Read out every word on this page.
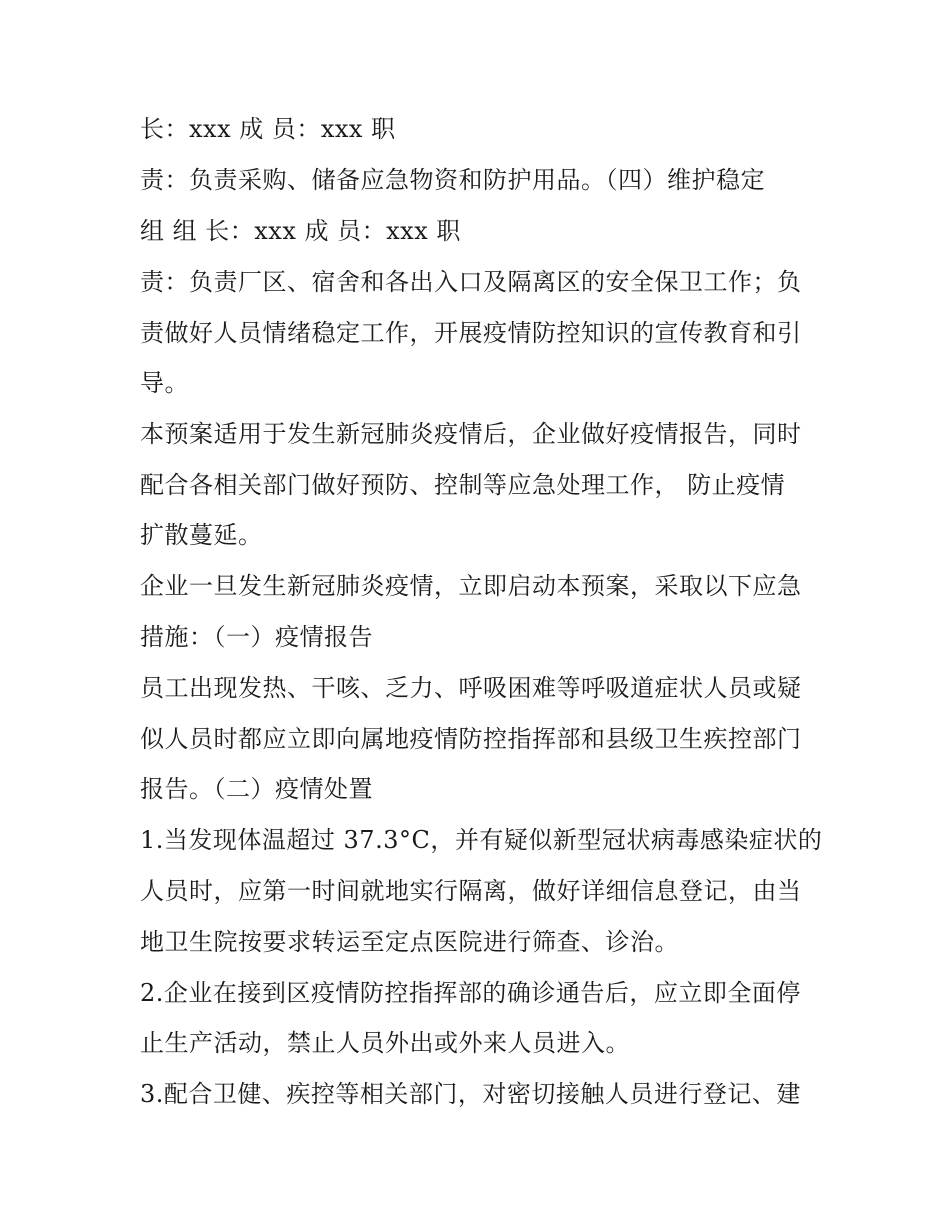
长：xxx 成 员：xxx 职
责：负责采购、储备应急物资和防护用品。（四）维护稳定
组 组 长：xxx 成 员：xxx 职
责：负责厂区、宿舍和各出入口及隔离区的安全保卫工作；负
责做好人员情绪稳定工作，开展疫情防控知识的宣传教育和引
导。
本预案适用于发生新冠肺炎疫情后，企业做好疫情报告，同时
配合各相关部门做好预防、控制等应急处理工作， 防止疫情
扩散蔓延。
企业一旦发生新冠肺炎疫情，立即启动本预案，采取以下应急
措施：（一）疫情报告
员工出现发热、干咳、乏力、呼吸困难等呼吸道症状人员或疑
似人员时都应立即向属地疫情防控指挥部和县级卫生疾控部门
报告。（二）疫情处置
1.当发现体温超过 37.3°C，并有疑似新型冠状病毒感染症状的
人员时，应第一时间就地实行隔离，做好详细信息登记，由当
地卫生院按要求转运至定点医院进行筛查、诊治。
2.企业在接到区疫情防控指挥部的确诊通告后，应立即全面停
止生产活动，禁止人员外出或外来人员进入。
3.配合卫健、疾控等相关部门，对密切接触人员进行登记、建
